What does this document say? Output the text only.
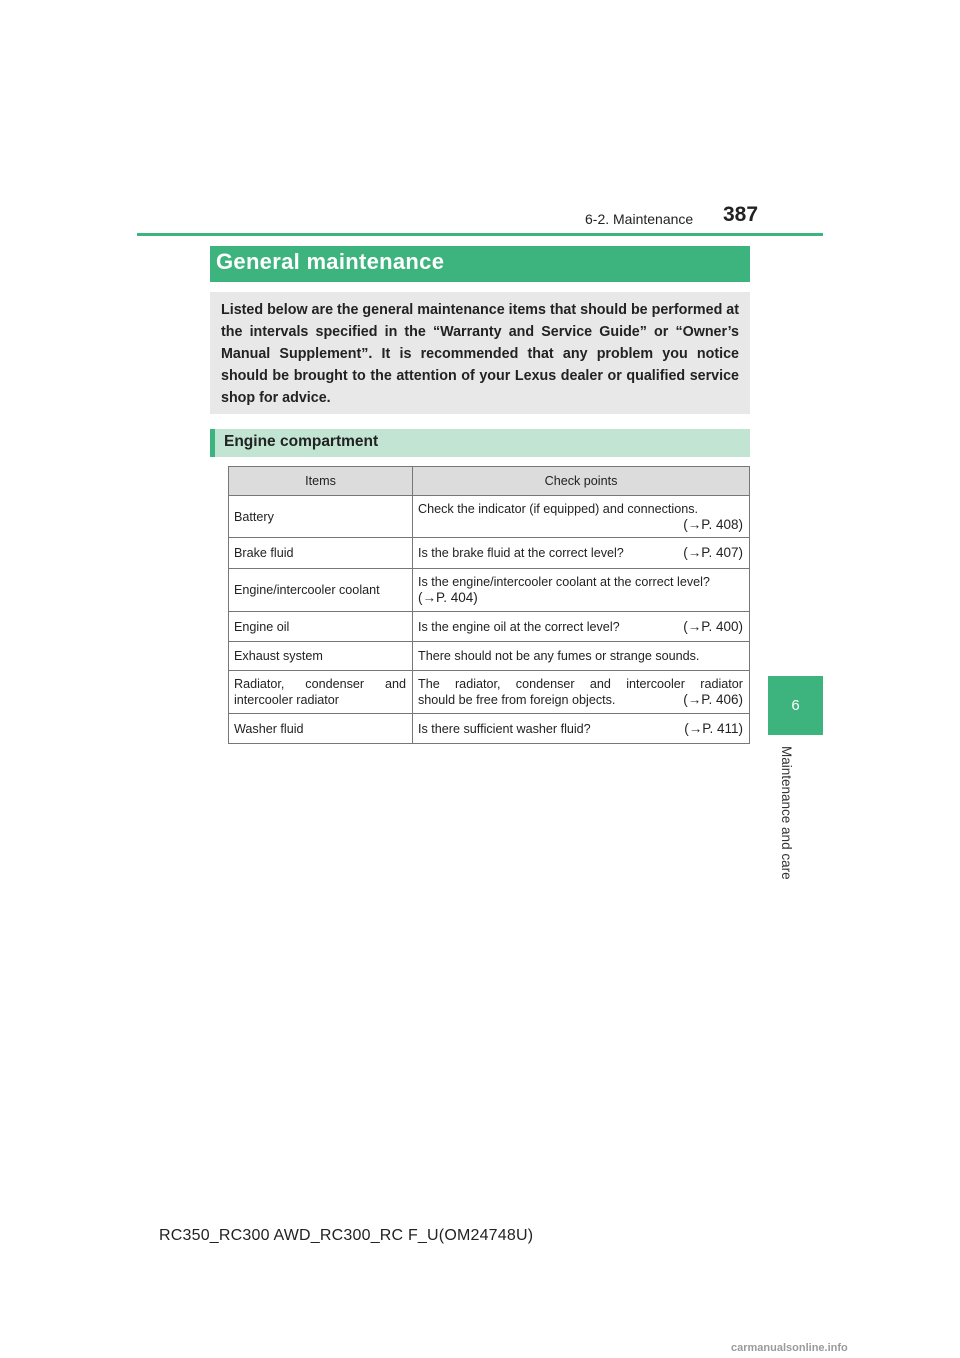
6-2. Maintenance 387
General maintenance
Listed below are the general maintenance items that should be performed at the intervals specified in the “Warranty and Service Guide” or “Owner’s Manual Supplement”. It is recommended that any problem you notice should be brought to the attention of your Lexus dealer or qualified service shop for advice.
Engine compartment
Items	Check points
Battery	Check the indicator (if equipped) and connections.
(→P. 408)

Brake fluid	Is the brake fluid at the correct level? (→P. 407)

Engine/intercooler coolant	Is the engine/intercooler coolant at the correct level?
(→P. 404)

Engine oil	Is the engine oil at the correct level? (→P. 400)

Exhaust system	There should not be any fumes or strange sounds.
Radiator, condenser and intercooler radiator	The radiator, condenser and intercooler radiator
should be free from foreign objects. (→P. 406)

Washer fluid	Is there sufficient washer fluid? (→P. 411)
6
Maintenance and care
RC350_RC300 AWD_RC300_RC F_U(OM24748U)
carmanualsonline.info
